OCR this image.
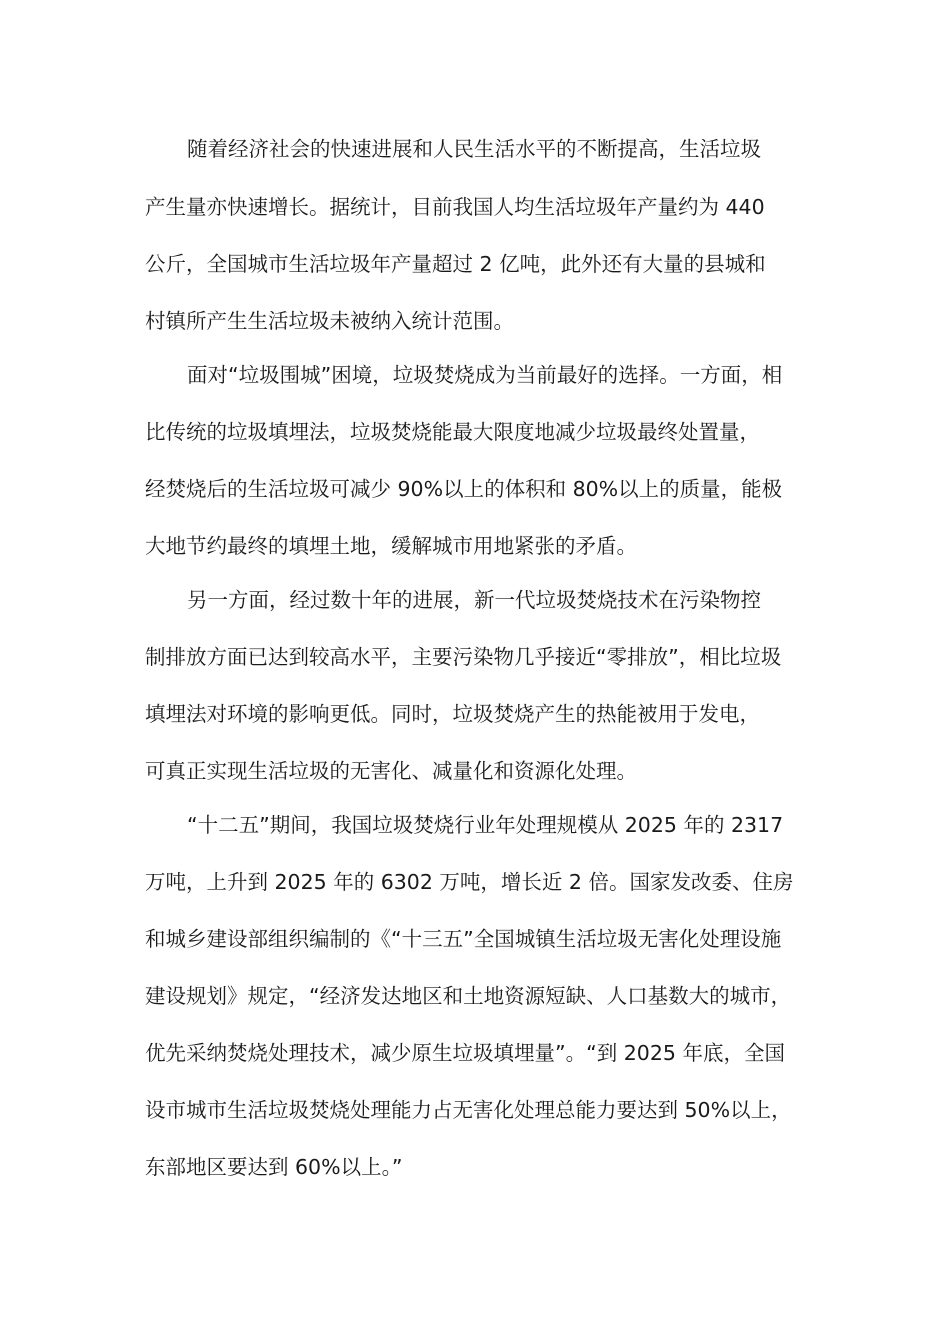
随着经济社会的快速进展和人民生活水平的不断提高，生活垃圾
产生量亦快速增长。据统计，目前我国人均生活垃圾年产量约为 440
公斤，全国城市生活垃圾年产量超过 2 亿吨，此外还有大量的县城和
村镇所产生生活垃圾未被纳入统计范围。
面对“垃圾围城”困境，垃圾焚烧成为当前最好的选择。一方面，相
比传统的垃圾填埋法，垃圾焚烧能最大限度地减少垃圾最终处置量，
经焚烧后的生活垃圾可减少 90%以上的体积和 80%以上的质量，能极
大地节约最终的填埋土地，缓解城市用地紧张的矛盾。
另一方面，经过数十年的进展，新一代垃圾焚烧技术在污染物控
制排放方面已达到较高水平，主要污染物几乎接近“零排放”，相比垃圾
填埋法对环境的影响更低。同时，垃圾焚烧产生的热能被用于发电，
可真正实现生活垃圾的无害化、减量化和资源化处理。
“十二五”期间，我国垃圾焚烧行业年处理规模从 2025 年的 2317
万吨，上升到 2025 年的 6302 万吨，增长近 2 倍。国家发改委、住房
和城乡建设部组织编制的《“十三五”全国城镇生活垃圾无害化处理设施
建设规划》规定，“经济发达地区和土地资源短缺、人口基数大的城市，
优先采纳焚烧处理技术，减少原生垃圾填埋量”。“到 2025 年底，全国
设市城市生活垃圾焚烧处理能力占无害化处理总能力要达到 50%以上，
东部地区要达到 60%以上。”
